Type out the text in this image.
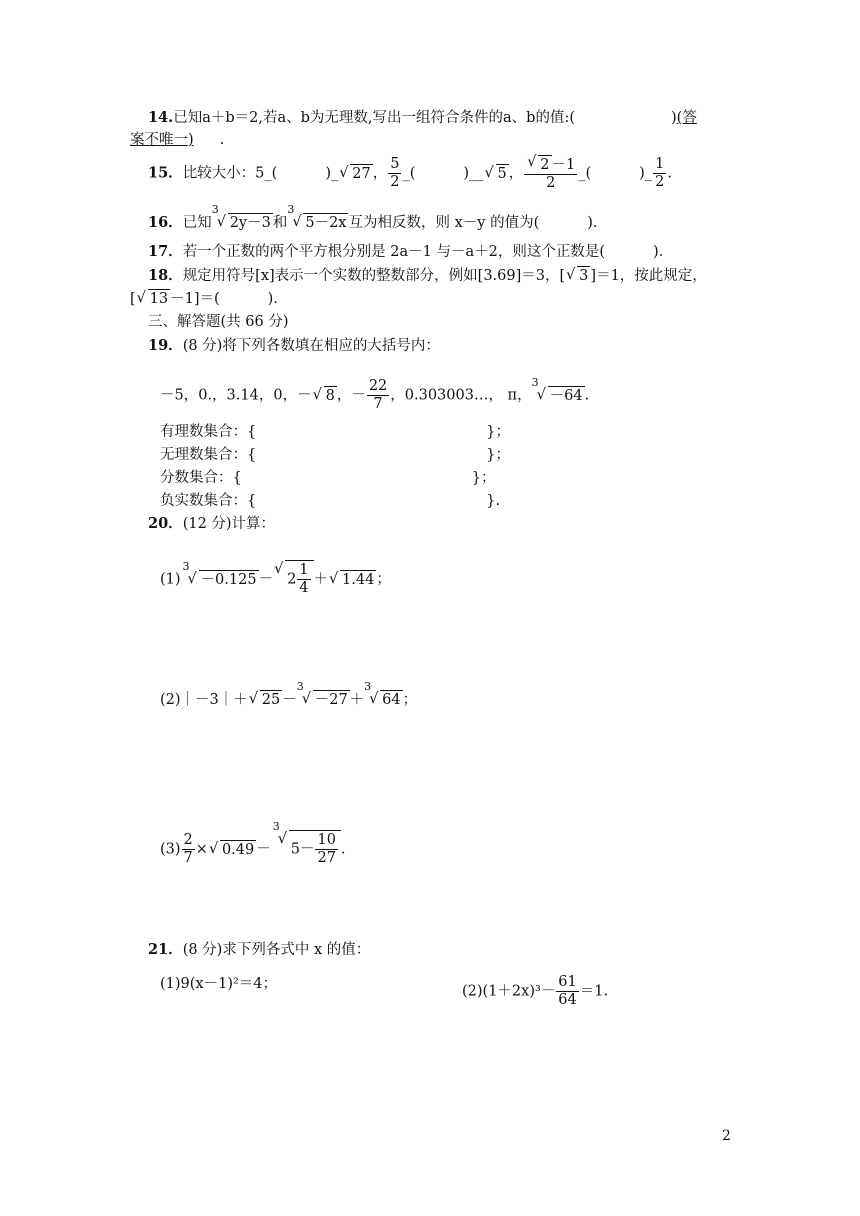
14.已知a＋b＝2,若a、b为无理数,写出一组符合条件的a、b的值:(	)(答
案不唯一) .
15．比较大小：5_(	)_ √ 27 ， $\frac{5}{2}$ _(	)__ √ 5 ， √ $\frac{2 -1}{2}$ _(	)_ $\frac{1}{2}$ .
16．已知
√ 3
2y－3 和
√ 3
5－2x 互为相反数，则 x－y 的值为(	)．
17．若一个正数的两个平方根分别是 2a－1 与－a＋2，则这个正数是(	)．
18．规定用符号[x]表示一个实数的整数部分，例如[3.69]＝3，[ √ 3 ]＝1，按此规定，
[ √ 13 －1]＝(	)．
三、解答题(共 66 分)
19．(8 分)将下列各数填在相应的大括号内：
－5，0.，3.14，0，－ √ 8 ，－ $\frac{22}{7}$ ，0.303003…， π，
√ 3
－64 .
有理数集合：{	}；
无理数集合：{	}；
分数集合：{	}；
负实数集合：{	}.
20．(12 分)计算：
(1)
√ 3
－0.125 － √ $2 \frac{1}{4}$ ＋ √ 1.44 ；
(2)｜－3｜＋ √ 25 －
√ 3
－27 ＋
√ 3
64 ；
$(3) \frac{2}{7}$ × √ 0.49 －
√ 3
$5- \frac{10}{27}$ .
21．(8 分)求下列各式中 x 的值：
(1)9(x－1)²＝4；	$(2)(1+2x)^3- \frac{61}{64} =1$.
2
